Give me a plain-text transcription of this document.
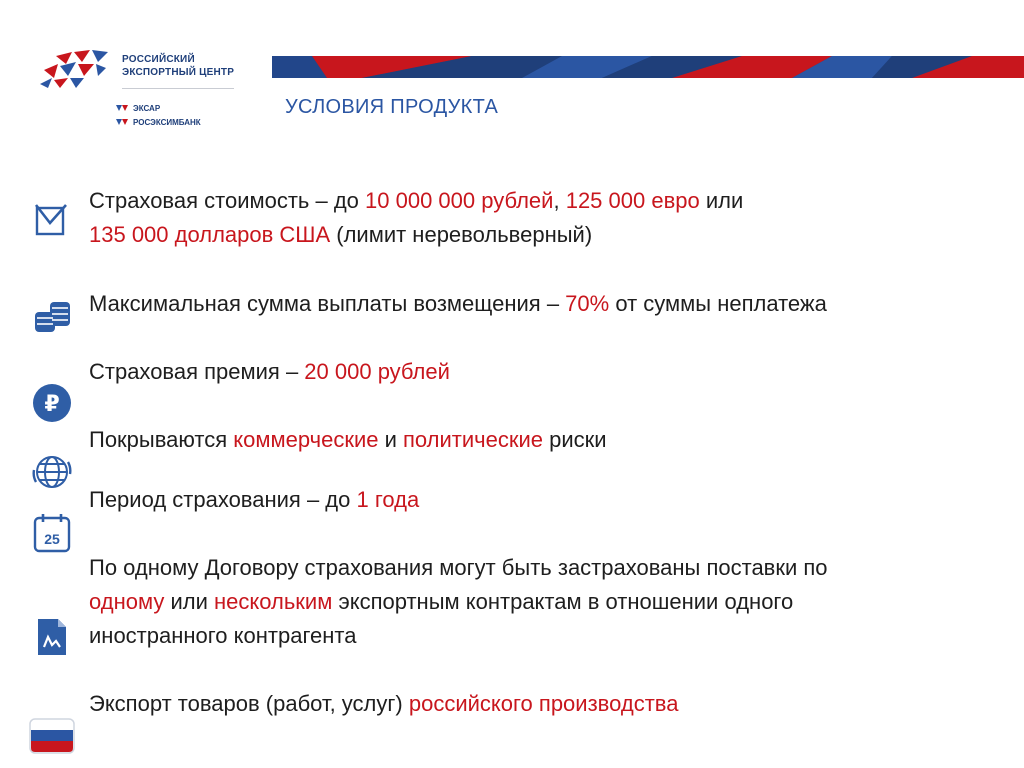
РОССИЙСКИЙ
ЭКСПОРТНЫЙ ЦЕНТР
ЭКСАР
РОСЭКСИМБАНК
УСЛОВИЯ ПРОДУКТА
₽
25
Страховая стоимость – до 10 000 000 рублей, 125 000 евро или
135 000 долларов США (лимит неревольверный)
Максимальная сумма выплаты возмещения – 70% от суммы неплатежа
Страховая премия – 20 000 рублей
Покрываются коммерческие и политические риски
Период страхования – до 1 года
По одному Договору страхования могут быть застрахованы поставки по
одному или нескольким экспортным контрактам в отношении одного
иностранного контрагента
Экспорт товаров (работ, услуг) российского производства
